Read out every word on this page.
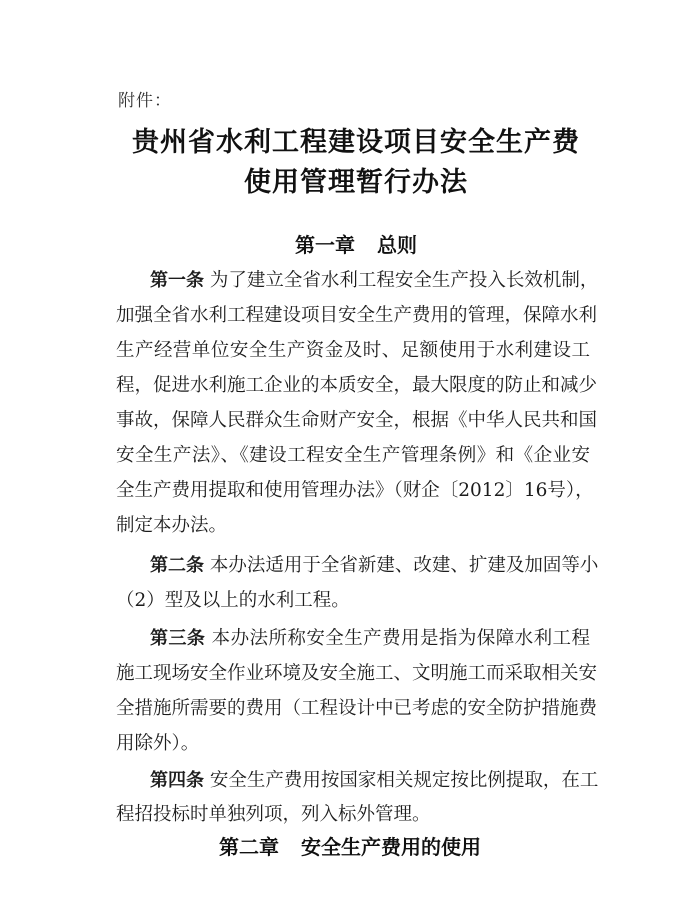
附件：
贵州省水利工程建设项目安全生产费
使用管理暂行办法
第一章 总则
第一条 为了建立全省水利工程安全生产投入长效机制，
加强全省水利工程建设项目安全生产费用的管理，保障水利
生产经营单位安全生产资金及时、足额使用于水利建设工
程，促进水利施工企业的本质安全，最大限度的防止和减少
事故，保障人民群众生命财产安全，根据《中华人民共和国
安全生产法》、《建设工程安全生产管理条例》和《企业安
全生产费用提取和使用管理办法》（财企〔2012〕16号），
制定本办法。
第二条 本办法适用于全省新建、改建、扩建及加固等小
（2）型及以上的水利工程。
第三条 本办法所称安全生产费用是指为保障水利工程
施工现场安全作业环境及安全施工、文明施工而采取相关安
全措施所需要的费用（工程设计中已考虑的安全防护措施费
用除外）。
第四条 安全生产费用按国家相关规定按比例提取，在工
程招投标时单独列项，列入标外管理。
第二章 安全生产费用的使用
